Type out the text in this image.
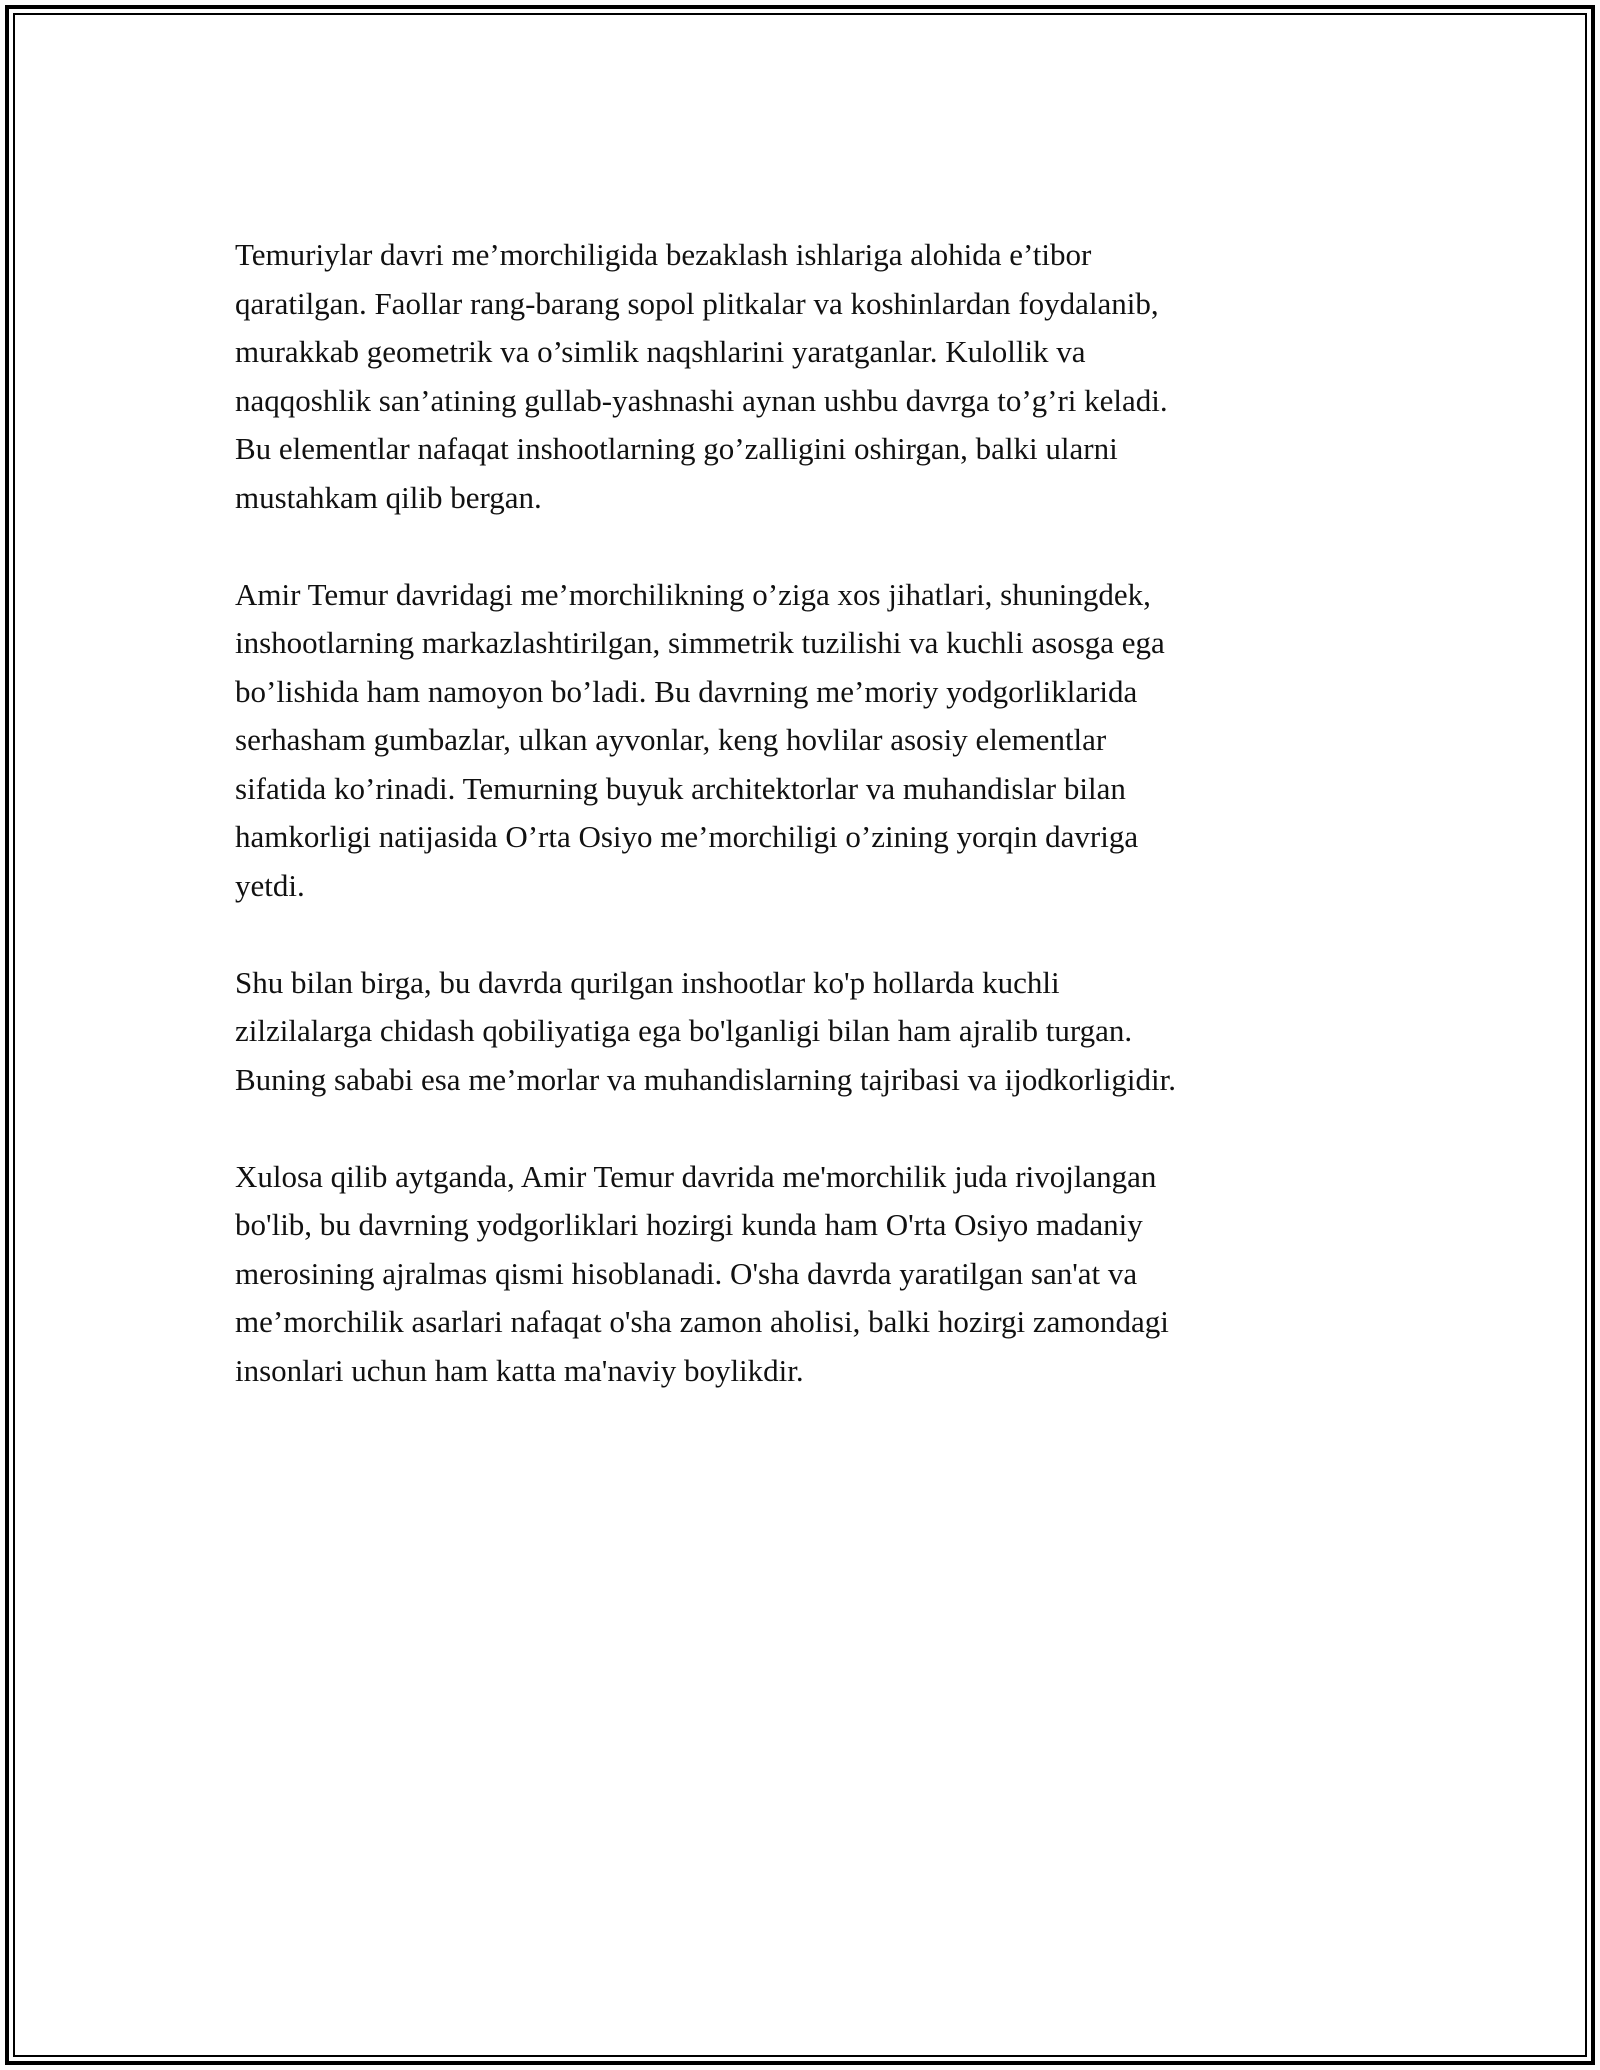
Temuriylar davri me’morchiligida bezaklash ishlariga alohida e’tibor
qaratilgan. Faollar rang-barang sopol plitkalar va koshinlardan foydalanib,
murakkab geometrik va o’simlik naqshlarini yaratganlar. Kulollik va
naqqoshlik san’atining gullab-yashnashi aynan ushbu davrga to’g’ri keladi.
Bu elementlar nafaqat inshootlarning go’zalligini oshirgan, balki ularni
mustahkam qilib bergan.

Amir Temur davridagi me’morchilikning o’ziga xos jihatlari, shuningdek,
inshootlarning markazlashtirilgan, simmetrik tuzilishi va kuchli asosga ega
bo’lishida ham namoyon bo’ladi. Bu davrning me’moriy yodgorliklarida
serhasham gumbazlar, ulkan ayvonlar, keng hovlilar asosiy elementlar
sifatida ko’rinadi. Temurning buyuk architektorlar va muhandislar bilan
hamkorligi natijasida O’rta Osiyo me’morchiligi o’zining yorqin davriga
yetdi.

Shu bilan birga, bu davrda qurilgan inshootlar ko'p hollarda kuchli
zilzilalarga chidash qobiliyatiga ega bo'lganligi bilan ham ajralib turgan.
Buning sababi esa me’morlar va muhandislarning tajribasi va ijodkorligidir.

Xulosa qilib aytganda, Amir Temur davrida me'morchilik juda rivojlangan
bo'lib, bu davrning yodgorliklari hozirgi kunda ham O'rta Osiyo madaniy
merosining ajralmas qismi hisoblanadi. O'sha davrda yaratilgan san'at va
me’morchilik asarlari nafaqat o'sha zamon aholisi, balki hozirgi zamondagi
insonlari uchun ham katta ma'naviy boylikdir.
